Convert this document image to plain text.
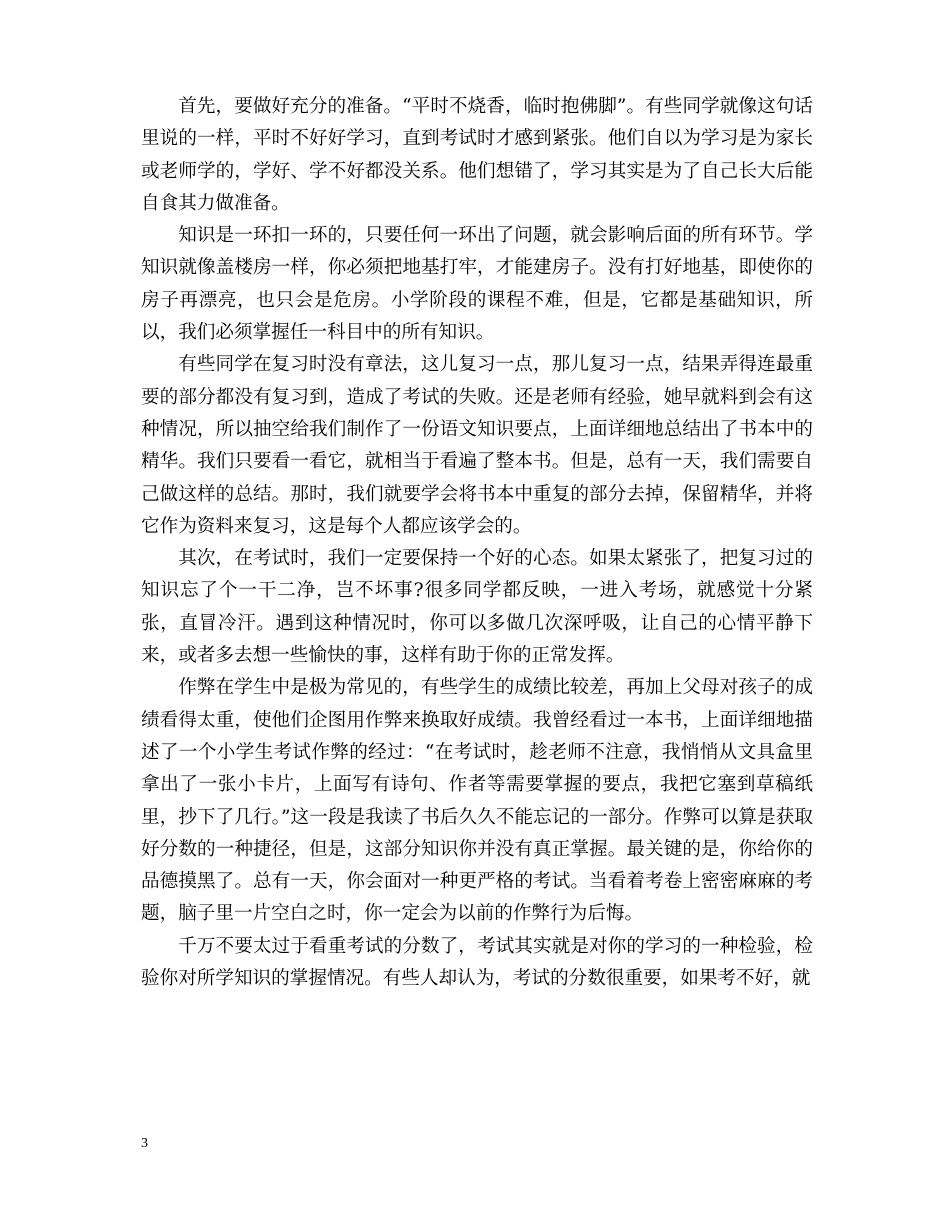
首先，要做好充分的准备。“平时不烧香，临时抱佛脚”。有些同学就像这句话里说的一样，平时不好好学习，直到考试时才感到紧张。他们自以为学习是为家长或老师学的，学好、学不好都没关系。他们想错了，学习其实是为了自己长大后能自食其力做准备。

知识是一环扣一环的，只要任何一环出了问题，就会影响后面的所有环节。学知识就像盖楼房一样，你必须把地基打牢，才能建房子。没有打好地基，即使你的房子再漂亮，也只会是危房。小学阶段的课程不难，但是，它都是基础知识，所以，我们必须掌握任一科目中的所有知识。

有些同学在复习时没有章法，这儿复习一点，那儿复习一点，结果弄得连最重要的部分都没有复习到，造成了考试的失败。还是老师有经验，她早就料到会有这种情况，所以抽空给我们制作了一份语文知识要点，上面详细地总结出了书本中的精华。我们只要看一看它，就相当于看遍了整本书。但是，总有一天，我们需要自己做这样的总结。那时，我们就要学会将书本中重复的部分去掉，保留精华，并将它作为资料来复习，这是每个人都应该学会的。

其次，在考试时，我们一定要保持一个好的心态。如果太紧张了，把复习过的知识忘了个一干二净，岂不坏事?很多同学都反映，一进入考场，就感觉十分紧张，直冒冷汗。遇到这种情况时，你可以多做几次深呼吸，让自己的心情平静下来，或者多去想一些愉快的事，这样有助于你的正常发挥。

作弊在学生中是极为常见的，有些学生的成绩比较差，再加上父母对孩子的成绩看得太重，使他们企图用作弊来换取好成绩。我曾经看过一本书，上面详细地描述了一个小学生考试作弊的经过：“在考试时，趁老师不注意，我悄悄从文具盒里拿出了一张小卡片，上面写有诗句、作者等需要掌握的要点，我把它塞到草稿纸里，抄下了几行。”这一段是我读了书后久久不能忘记的一部分。作弊可以算是获取好分数的一种捷径，但是，这部分知识你并没有真正掌握。最关键的是，你给你的品德摸黑了。总有一天，你会面对一种更严格的考试。当看着考卷上密密麻麻的考题，脑子里一片空白之时，你一定会为以前的作弊行为后悔。

千万不要太过于看重考试的分数了，考试其实就是对你的学习的一种检验，检验你对所学知识的掌握情况。有些人却认为，考试的分数很重要，如果考不好，就

3
